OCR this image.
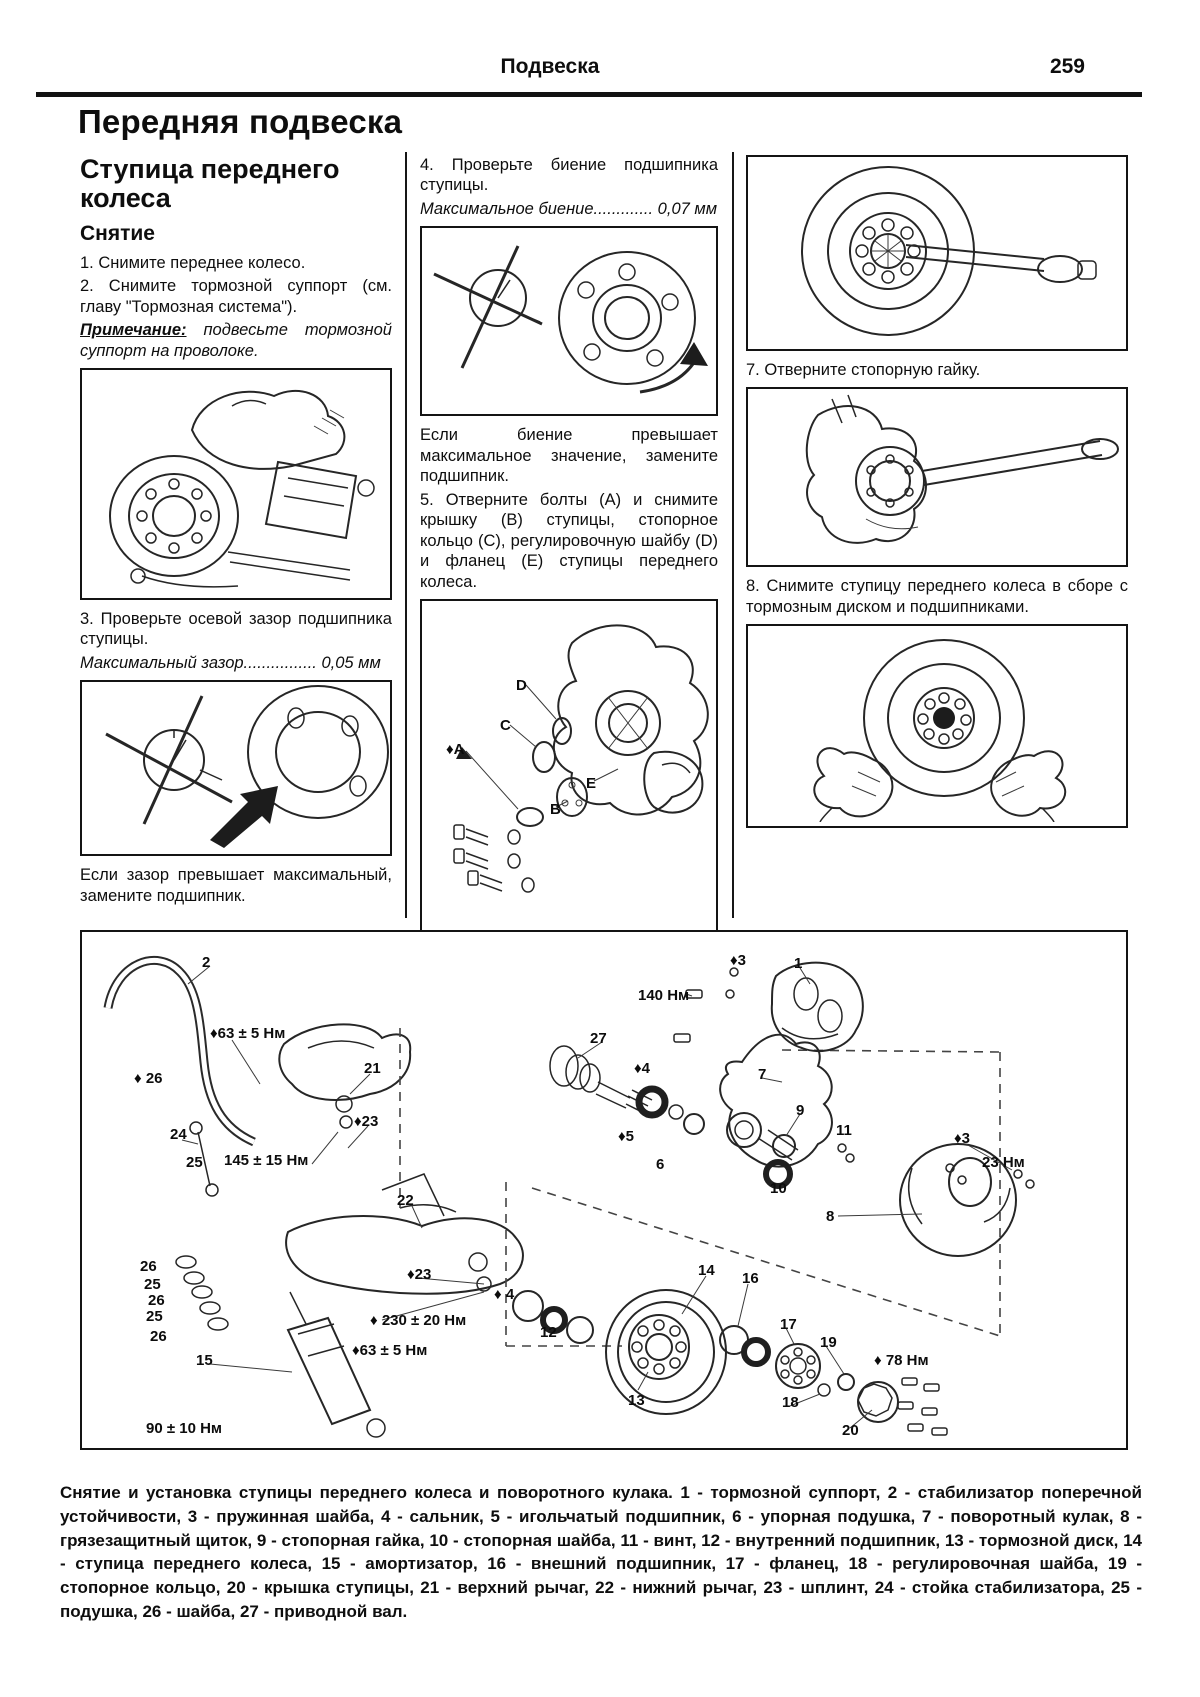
Подвеска	259
Передняя подвеска
Ступица переднего колеса
Снятие

1. Снимите переднее колесо.

2. Снимите тормозной суппорт (см. главу "Тормозная система").

Примечание: подвесьте тормозной суппорт на проволоке.

3. Проверьте осевой зазор подшипника ступицы.

Максимальный зазор................ 0,05 мм

Если зазор превышает максимальный, замените подшипник.

4. Проверьте биение подшипника ступицы.

Максимальное биение............. 0,07 мм

Если биение превышает максимальное значение, замените подшипник.

5. Отверните болты (А) и снимите крышку (В) ступицы, стопорное кольцо (С), регулировочную шайбу (D) и фланец (Е) ступицы переднего колеса.

D
C
♦А
B
E

7. Отверните стопорную гайку.

8. Снимите ступицу переднего колеса в сборе с тормозным диском и подшипниками.

2
♦63 ± 5 Нм
♦ 26
21
24
25 145 ± 15 Нм
♦23
22
♦23
♦ 230 ± 20 Нм
♦63 ± 5 Нм
26
25
26
25
26
15
90 ± 10 Нм
♦3	1
140 Нм
27
♦4	7
9
11
♦5
6
10
♦3
23 Нм
8
♦ 4
12
14 16
17
19
13	18
20
♦ 78 Нм

Снятие и установка ступицы переднего колеса и поворотного кулака. 1 - тормозной суппорт, 2 - стабилизатор поперечной устойчивости, 3 - пружинная шайба, 4 - сальник, 5 - игольчатый подшипник, 6 - упорная подушка, 7 - поворотный кулак, 8 - грязезащитный щиток, 9 - стопорная гайка, 10 - стопорная шайба, 11 - винт, 12 - внутренний подшипник, 13 - тормозной диск, 14 - ступица переднего колеса, 15 - амортизатор, 16 - внешний подшипник, 17 - фланец, 18 - регулировочная шайба, 19 - стопорное кольцо, 20 - крышка ступицы, 21 - верхний рычаг, 22 - нижний рычаг, 23 - шплинт, 24 - стойка стабилизатора, 25 - подушка, 26 - шайба, 27 - приводной вал.
